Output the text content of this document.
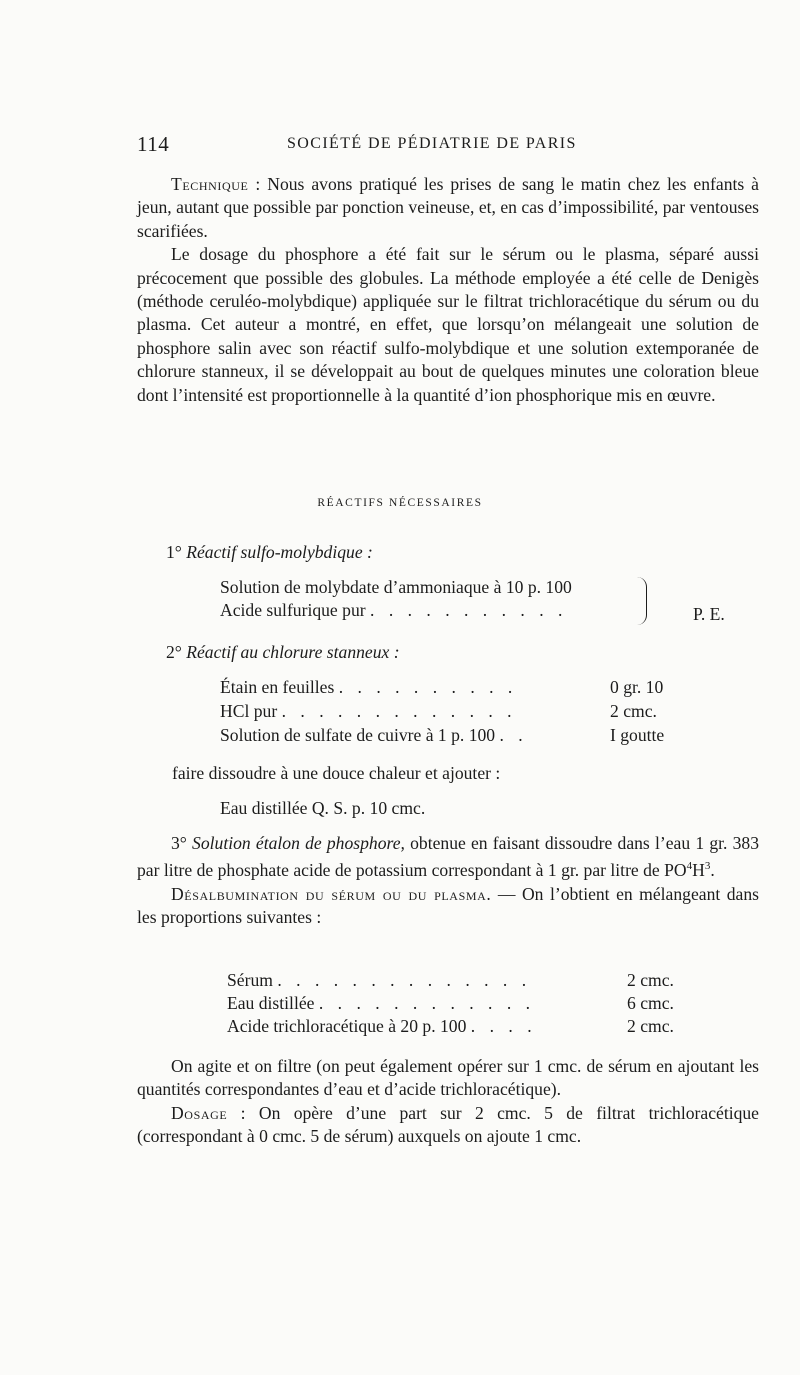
114	SOCIÉTÉ DE PÉDIATRIE DE PARIS

Technique : Nous avons pratiqué les prises de sang le matin chez les enfants à jeun, autant que possible par ponction veineuse, et, en cas d’impossibilité, par ventouses scarifiées.

Le dosage du phosphore a été fait sur le sérum ou le plasma, séparé aussi précocement que possible des globules. La méthode employée a été celle de Denigès (méthode ceruléo-molybdique) appliquée sur le filtrat trichloracétique du sérum ou du plasma. Cet auteur a montré, en effet, que lorsqu’on mélangeait une solution de phosphore salin avec son réactif sulfo-molybdique et une solution extemporanée de chlorure stanneux, il se développait au bout de quelques minutes une coloration bleue dont l’intensité est proportionnelle à la quantité d’ion phosphorique mis en œuvre.

RÉACTIFS NÉCESSAIRES
1° Réactif sulfo-molybdique :
Solution de molybdate d’ammoniaque à 10 p. 100
Acide sulfurique pur . . . . . . . . . . .	P. E.
2° Réactif au chlorure stanneux :
Étain en feuilles . . . . . . . . . .	0 gr. 10
HCl pur . . . . . . . . . . . . .	2 cmc.
Solution de sulfate de cuivre à 1 p. 100 . .	I goutte
faire dissoudre à une douce chaleur et ajouter :
Eau distillée Q. S. p. 10 cmc.

3° Solution étalon de phosphore, obtenue en faisant dissoudre dans l’eau 1 gr. 383 par litre de phosphate acide de potassium correspondant à 1 gr. par litre de $PO^4H^3$.

Désalbumination du sérum ou du plasma. — On l’obtient en mélangeant dans les proportions suivantes :

Sérum . . . . . . . . . . . . . .	2 cmc.
Eau distillée . . . . . . . . . . . .	6 cmc.
Acide trichloracétique à 20 p. 100 . . . .	2 cmc.

On agite et on filtre (on peut également opérer sur 1 cmc. de sérum en ajoutant les quantités correspondantes d’eau et d’acide trichloracétique).

Dosage : On opère d’une part sur 2 cmc. 5 de filtrat trichloracétique (correspondant à 0 cmc. 5 de sérum) auxquels on ajoute 1 cmc.
